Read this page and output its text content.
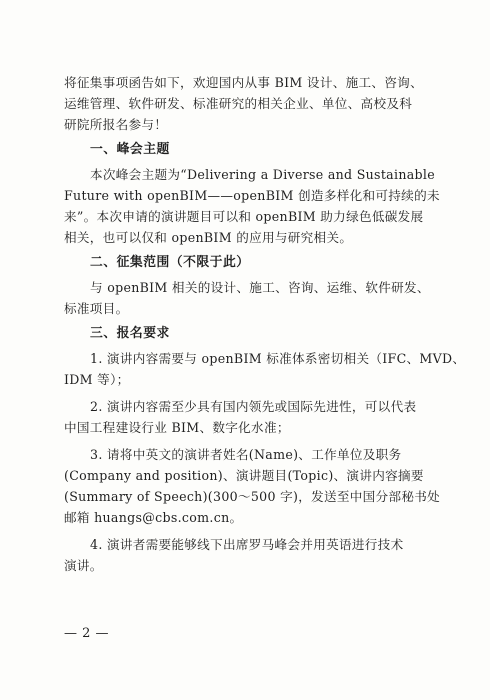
将征集事项函告如下，欢迎国内从事 BIM 设计、施工、咨询、
运维管理、软件研发、标准研究的相关企业、单位、高校及科
研院所报名参与！
一、峰会主题
本次峰会主题为“Delivering a Diverse and Sustainable
Future with openBIM——openBIM 创造多样化和可持续的未
来”。本次申请的演讲题目可以和 openBIM 助力绿色低碳发展
相关，也可以仅和 openBIM 的应用与研究相关。
二、征集范围（不限于此）
与 openBIM 相关的设计、施工、咨询、运维、软件研发、
标准项目。
三、报名要求
1. 演讲内容需要与 openBIM 标准体系密切相关（IFC、MVD、
IDM 等）；
2. 演讲内容需至少具有国内领先或国际先进性，可以代表
中国工程建设行业 BIM、数字化水准；
3. 请将中英文的演讲者姓名(Name)、工作单位及职务
(Company and position)、演讲题目(Topic)、演讲内容摘要
(Summary of Speech)(300～500 字)，发送至中国分部秘书处
邮箱 huangs@cbs.com.cn。
4. 演讲者需要能够线下出席罗马峰会并用英语进行技术
演讲。
— 2 —
